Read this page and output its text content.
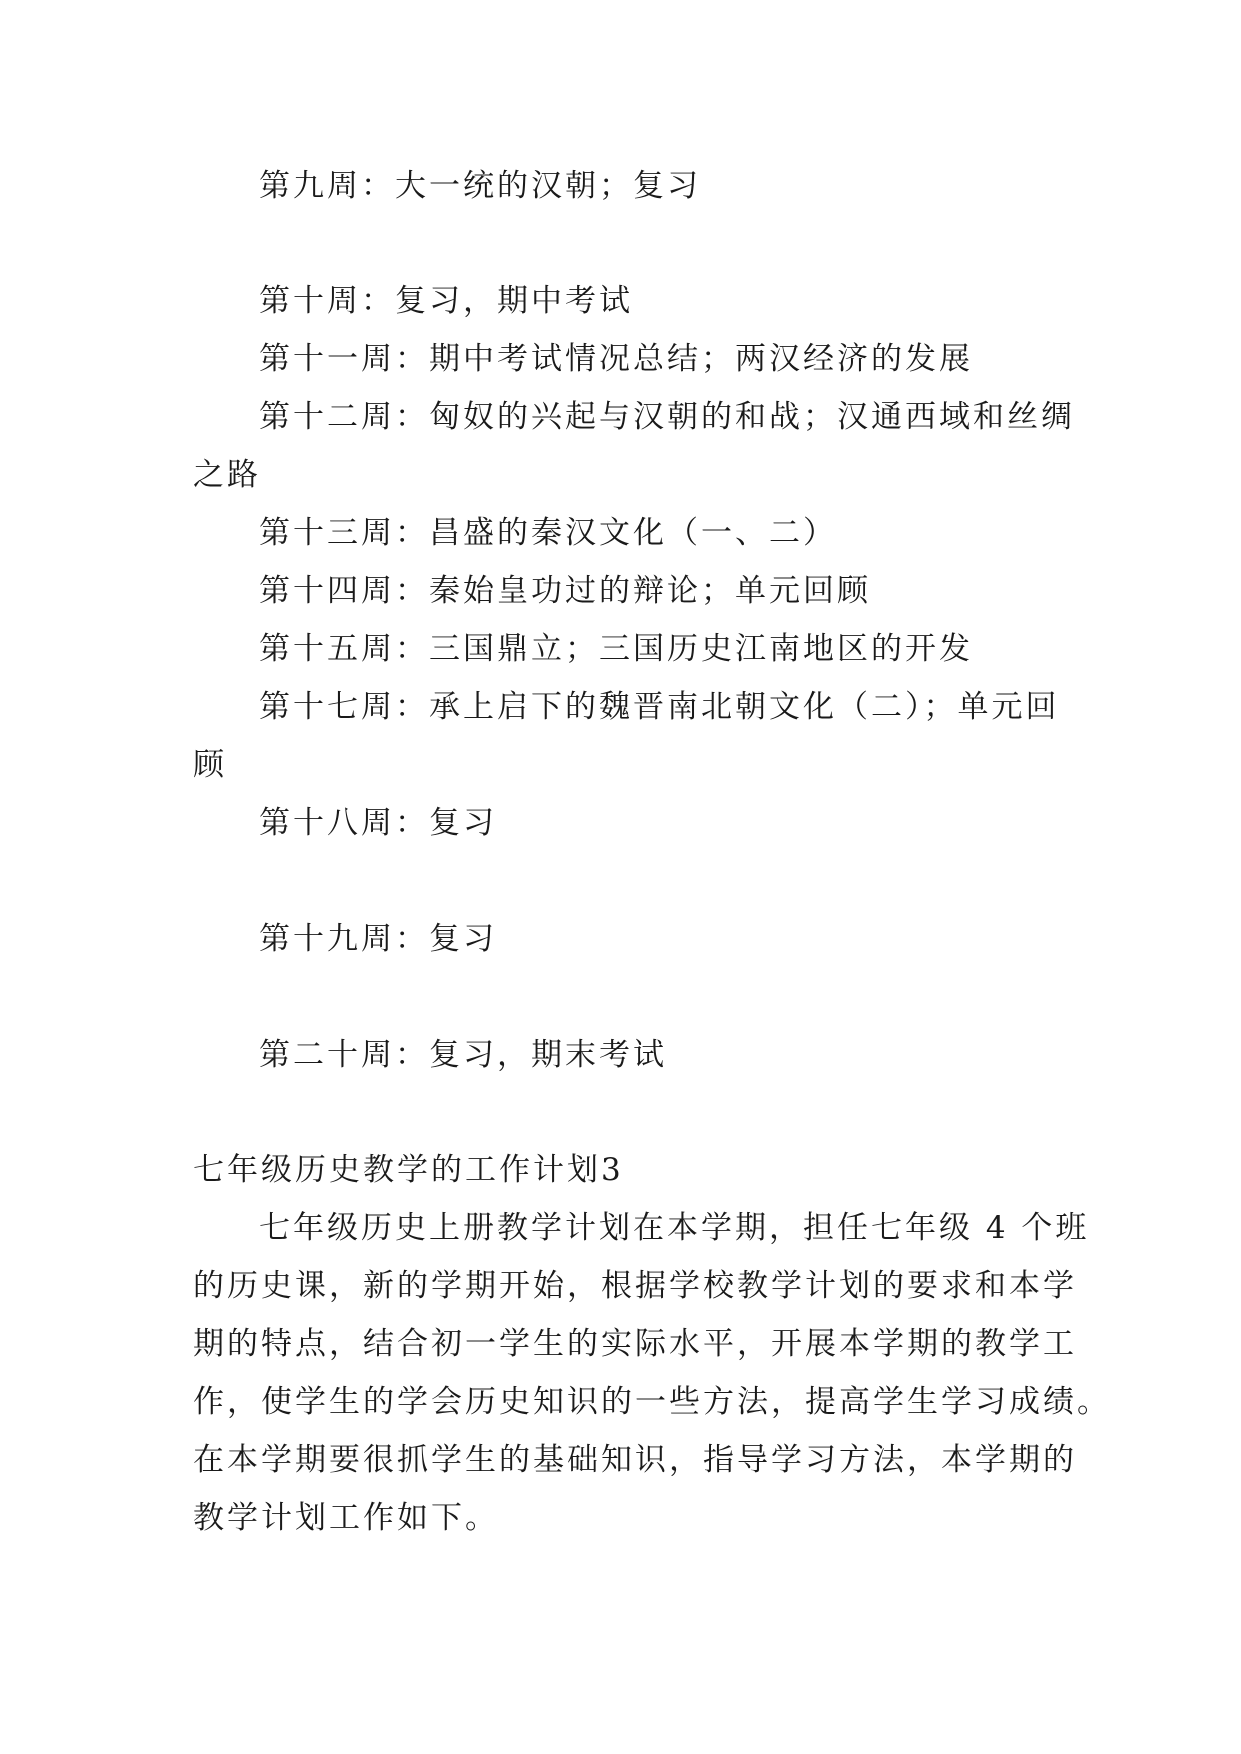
第九周：大一统的汉朝；复习
第十周：复习，期中考试
第十一周：期中考试情况总结；两汉经济的发展
第十二周：匈奴的兴起与汉朝的和战；汉通西域和丝绸
之路
第十三周：昌盛的秦汉文化（一、二）
第十四周：秦始皇功过的辩论；单元回顾
第十五周：三国鼎立；三国历史江南地区的开发
第十七周：承上启下的魏晋南北朝文化（二）；单元回
顾
第十八周：复习
第十九周：复习
第二十周：复习，期末考试
七年级历史教学的工作计划3
七年级历史上册教学计划在本学期，担任七年级 4 个班
的历史课，新的学期开始，根据学校教学计划的要求和本学
期的特点，结合初一学生的实际水平，开展本学期的教学工
作，使学生的学会历史知识的一些方法，提高学生学习成绩。
在本学期要很抓学生的基础知识，指导学习方法，本学期的
教学计划工作如下。
